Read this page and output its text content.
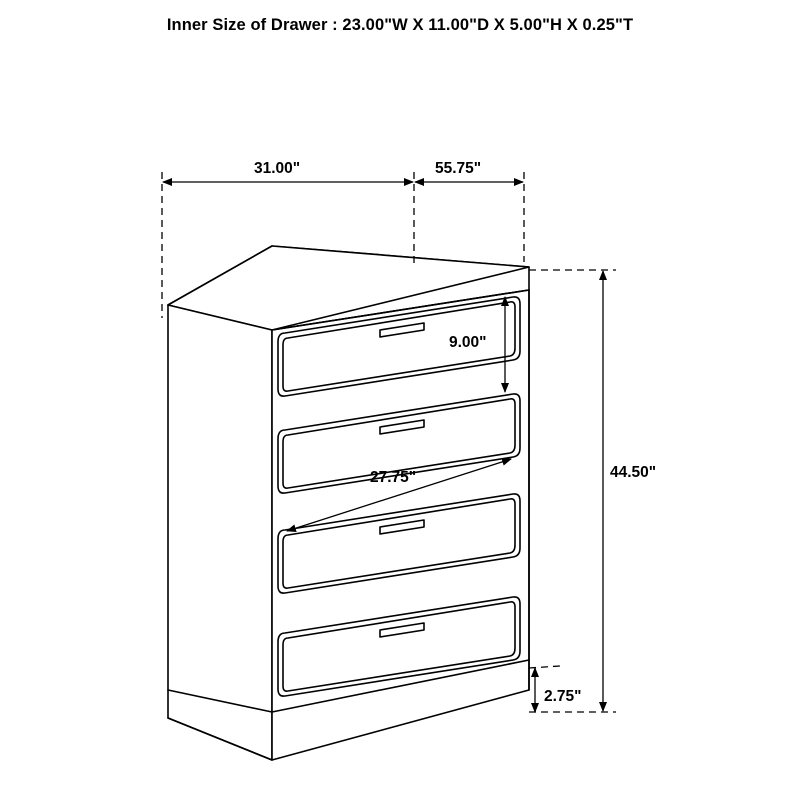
Inner Size of Drawer : 23.00"W X 11.00"D X 5.00"H X 0.25"T
31.00"	55.75"
9.00"
27.75"	44.50"
2.75"
